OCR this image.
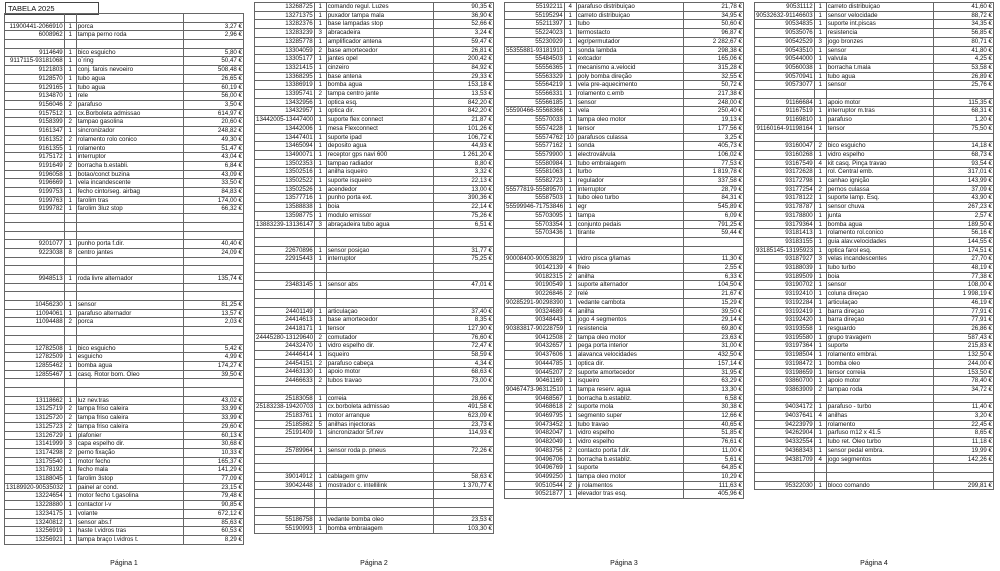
TABELA 2025

11900441-2066910	1	porca	3,27 €
6008962	1	tampa perno roda	2,96 €

9114649	1	bico esguicho	5,80 €
9117115-93181068	1	o`ring	50,47 €
9121803	1	conj. farois nevoeiro	508,48 €
9128570	1	tubo agua	26,65 €
9129165	1	tubo agua	60,19 €
9134870	1	rele	56,00 €
9156046	2	parafuso	3,50 €
9157512	1	cx.Borboleta admissao	614,97 €
9158399	2	tampao gasolina	20,60 €
9161347	1	sincronizador	248,82 €
9161352	2	rolamento rolo conico	49,30 €
9161355	1	rolamento	51,47 €
9175172	1	interruptor	43,04 €
9191649	2	borracha b.establi.	6,84 €
9196058	1	botao/conct buzina	43,09 €
9196669	1	vela incandescente	33,50 €
9199753	1	fecho cinto/seg. airbag	84,83 €
9199763	1	farolim tras	174,00 €
9199782	1	farolim 3luz stop	66,32 €

9201077	1	punho porta f.dir.	40,40 €
9223038	8	centro jantes	24,09 €

9948513	1	roda livre alternador	135,74 €

10456230	1	sensor	81,25 €
11094061	1	parafuso alternador	13,57 €
11094488	2	porca	2,03 €

12782508	1	bico esguicho	5,42 €
12782509	1	esguicho	4,99 €
12855462	1	bomba agua	174,27 €
12855467	1	casq. Rotor bom. Oleo	39,50 €

13118662	1	luz nev.tras	43,02 €
13125719	2	tampa friso caleira	33,99 €
13125720	2	tampa friso caleira	33,99 €
13125723	2	tampa friso caleira	29,60 €
13126729	1	plafonier	60,13 €
13141999	3	capa espelho dir.	30,68 €
13174298	2	perno fixação	10,33 €
13175540	1	motor fecho	165,37 €
13178192	1	fecho mala	141,29 €
13188045	1	farolim 3stop	77,09 €
13189920-90535032	1	painel ar cond.	23,15 €
13224654	1	motor fecho t.gasolina	79,48 €
13228880	1	contactor l-v	90,85 €
13234175	1	volante	672,12 €
13240812	1	sensor abs.f	85,63 €
13256919	1	haste l.vidros tras	60,53 €
13256921	1	tampa braço l.vidros t.	8,29 €
Página 1
13268725	1	comando regul. Luzes	90,35 €
13271375	1	puxador tampa mala	36,90 €
13282376	1	base lampadas stop	52,66 €
13283239	3	abracadeira	3,24 €
13285778	1	amplificador antena	59,47 €
13304059	2	base amortecedor	26,81 €
13305177	1	jantes opel	200,42 €
13321415	1	cinzeiro	84,92 €
13368295	1	base antena	29,33 €
13386919	1	bomba agua	153,18 €
13395741	2	tampa centro jante	13,53 €
13432956	1	optica esq.	842,20 €
13432957	1	optica dir.	842,20 €
13442005-13447400	1	suporte flex connect	21,87 €
13442006	1	mesa Flexconnect	101,26 €
13447401	1	suporte ipad	106,72 €
13465094	1	deposito agua	44,93 €
13490071	1	receptor gps navi 600	1 261,20 €
13502353	1	tampao radiador	8,80 €
13502516	1	anilha isqueiro	3,32 €
13502522	1	suporte isqueiro	22,13 €
13502526	1	acendedor	13,00 €
13577716	1	punho porta ext.	390,36 €
13588838	1	boia	22,14 €
13598775	1	modulo emissor	75,26 €
13883239-13136147	3	abraçadeira tubo agua	6,51 €

22670896	1	sensor posiçao	31,77 €
22915443	1	interruptor	75,25 €

23483145	1	sensor abs	47,01 €

24401149	1	articulaçao	37,40 €
24414613	1	base amortecedor	8,35 €
24418171	1	tensor	127,90 €
24445280-13129640	2	comutador	76,60 €
24432470	1	vidro espelho dir.	72,47 €
24446414	1	isqueiro	58,59 €
24454151	2	parafuso cabeça	4,34 €
24463130	1	apoio motor	68,63 €
24466633	2	tubos travao	73,00 €

25183058	1	correia	28,66 €
25183238-19420703	1	cx.borboleta admissao	491,58 €
25183761	1	motor arranque	623,09 €
25185862	5	anilhas injectoras	23,73 €
25191409	1	sincronizador 5/f.rev	114,93 €

25789964	1	sensor roda p. pneus	72,26 €

39014912	1	cablagem gmv	58,63 €
39042448	1	mostrador c. intellilink	1 370,77 €

55186758	1	vedante bomba oleo	23,53 €
55190993	1	bomba embraiagem	103,30 €
Página 2
55192211	4	parafuso distribuiçao	21,78 €
55195294	1	carreto distribuiçao	34,95 €
55211397	1	tubo	50,60 €
55224023	1	termostacto	96,87 €
55230929	1	egr/permutador	2 282,67 €
55355881-93181910	1	sonda lambda	298,38 €
55484503	1	extcador	165,06 €
55556365	1	mecanismo a.velocid	315,28 €
55563329	1	poly bomba direção	32,55 €
55564219	1	vela pre-aquecimento	50,72 €
55566331	1	rolamento c.emb	217,38 €
55566185	1	sensor	248,00 €
55590466-55568366	1	vela	250,40 €
55570033	1	tampa oleo motor	19,13 €
55574228	1	tensor	177,56 €
55574762	10	parafusos culassa	3,25 €
55577162	1	sonda	405,73 €
55579900	1	electroválvula	106,02 €
55580984	1	tubo embraiagem	77,53 €
55581063	1	turbo	1 819,78 €
55582723	1	regulador	337,58 €
55577819-55589570	1	interruptor	28,79 €
55587503	1	tubo oleo turbo	84,31 €
55599946-71753846	1	egr	545,89 €
55703095	1	tampa	6,09 €
55703354	1	conjunto pedais	791,25 €
55703436	1	tirante	59,44 €

90008400-90053829	1	vidro pisca g/lamas	11,30 €
90142139	4	freio	2,55 €
90182315	2	anilha	6,33 €
90190549	1	suporte alternador	104,50 €
90226846	2	relé	21,67 €
90285291-90298390	1	vedante cambota	15,29 €
90324689	4	anilha	39,50 €
90348443	1	jogo 4 segmentos	29,14 €
90383817-90228759	1	resistencia	69,80 €
90412508	2	tampa oleo motor	23,63 €
90432657	1	pega porta interior	31,00 €
90437606	1	alavanca velocidades	432,50 €
90444785	1	optica dir.	157,14 €
90445207	2	suporte amortecedor	31,95 €
90461169	1	isqueiro	63,29 €
90467473-96312510	1	tampa reserv. agua	13,30 €
90468567	1	borracha b.establiz.	6,58 €
90468618	2	suporte mola	30,38 €
90469795	1	segmento super	12,66 €
90473452	1	tubo travao	40,65 €
90482047	1	vidro espelho	51,85 €
90482049	1	vidro espelho	76,61 €
90483756	2	contacto porta f.dir.	11,00 €
90496706	1	borracha b.establiz.	5,61 €
90496769	1	suporte	64,85 €
90499250	1	tampa oleo motor	10,29 €
90510544	2	ji rolamentos	111,63 €
90521877	1	elevador tras esq.	405,96 €
Página 3
90531112	1	carreto distribuiçao	41,60 €
90532632-91146603	1	sensor velocidade	88,72 €
90534835	1	suporte int.piscas	34,35 €
90535076	1	resistencia	56,85 €
90542529	3	jogo bronzes	80,71 €
90543510	1	sensor	41,80 €
90544000	1	valvula	4,25 €
90560038	1	borracha t.mala	53,58 €
90570941	1	tubo agua	26,89 €
90573077	1	sensor	25,76 €

91166684	1	apoio motor	115,35 €
91167519	1	interruptor m.tras	68,31 €
91169810	1	parafuso	1,20 €
91160164-91198164	1	tensor	75,50 €

93160047	2	bico esguicho	14,18 €
93160268	1	vidro espelho	68,73 €
93167549	4	kit casq. Pinça travao	93,54 €
93172628	1	rol. Central emb.	317,01 €
93172798	1	canhao ignição	143,99 €
93177254	2	pernos culassa	37,09 €
93178122	1	suporte lamp. Esq.	43,90 €
93178787	1	sensor chuva	267,23 €
93178800	1	junta	2,57 €
93179364	1	bomba agua	189,50 €
93181413	1	rolamento rol.conico	56,16 €
93183155	1	guia alav.velocidades	144,55 €
93185145-13195923	1	optica farol esq.	174,51 €
93187927	3	velas incandescentes	27,70 €
93188039	1	tubo turbo	48,19 €
93189509	1	boia	77,38 €
93190702	1	sensor	108,00 €
93192410	1	coluna direçao	1 998,19 €
93192284	1	articulaçao	46,19 €
93192419	1	barra direçao	77,91 €
93192420	1	barra direçao	77,91 €
93193558	1	resguardo	26,86 €
93195580	1	grupo travagem	587,43 €
93197364	1	suporte	215,83 €
93198504	1	rolamento embrai.	132,50 €
93198472	1	bomba oleo	244,00 €
93198659	1	tensor correia	153,50 €
93860700	1	apoio motor	78,40 €
93863909	2	tampao roda	34,72 €

94034172	1	parafuso - turbo	11,40 €
94037641	4	anilhas	3,20 €
94223979	1	rolamento	22,45 €
94262904	1	parfuso m12 x 41.5	8,65 €
94332554	1	tubo ret. Oleo turbo	11,18 €
94368343	1	sensor pedal embra.	19,99 €
94381709	4	jogo segmentos	142,26 €

95322030	1	bloco comando	299,81 €
Página 4
